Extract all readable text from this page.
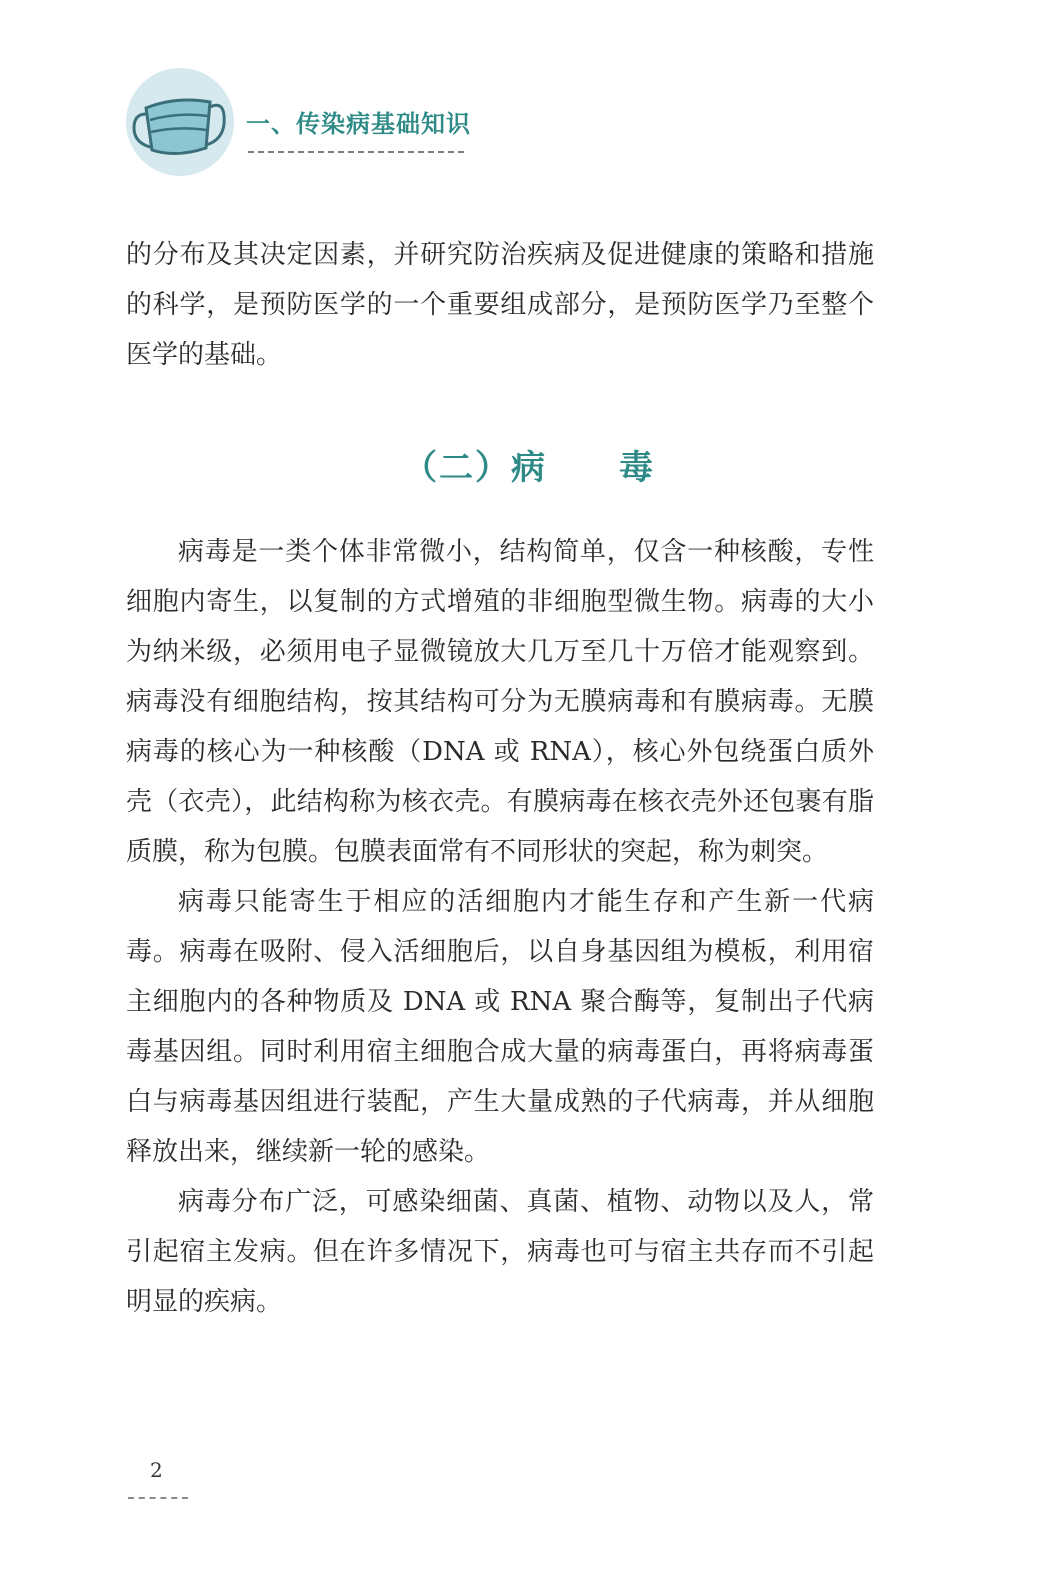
一、传染病基础知识

的分布及其决定因素，并研究防治疾病及促进健康的策略和措施的科学，是预防医学的一个重要组成部分，是预防医学乃至整个医学的基础。

（二）病　　毒

病毒是一类个体非常微小，结构简单，仅含一种核酸，专性细胞内寄生，以复制的方式增殖的非细胞型微生物。病毒的大小为纳米级，必须用电子显微镜放大几万至几十万倍才能观察到。病毒没有细胞结构，按其结构可分为无膜病毒和有膜病毒。无膜病毒的核心为一种核酸（DNA 或 RNA），核心外包绕蛋白质外壳（衣壳），此结构称为核衣壳。有膜病毒在核衣壳外还包裹有脂质膜，称为包膜。包膜表面常有不同形状的突起，称为刺突。

病毒只能寄生于相应的活细胞内才能生存和产生新一代病毒。病毒在吸附、侵入活细胞后，以自身基因组为模板，利用宿主细胞内的各种物质及 DNA 或 RNA 聚合酶等，复制出子代病毒基因组。同时利用宿主细胞合成大量的病毒蛋白，再将病毒蛋白与病毒基因组进行装配，产生大量成熟的子代病毒，并从细胞释放出来，继续新一轮的感染。

病毒分布广泛，可感染细菌、真菌、植物、动物以及人，常引起宿主发病。但在许多情况下，病毒也可与宿主共存而不引起明显的疾病。

2
